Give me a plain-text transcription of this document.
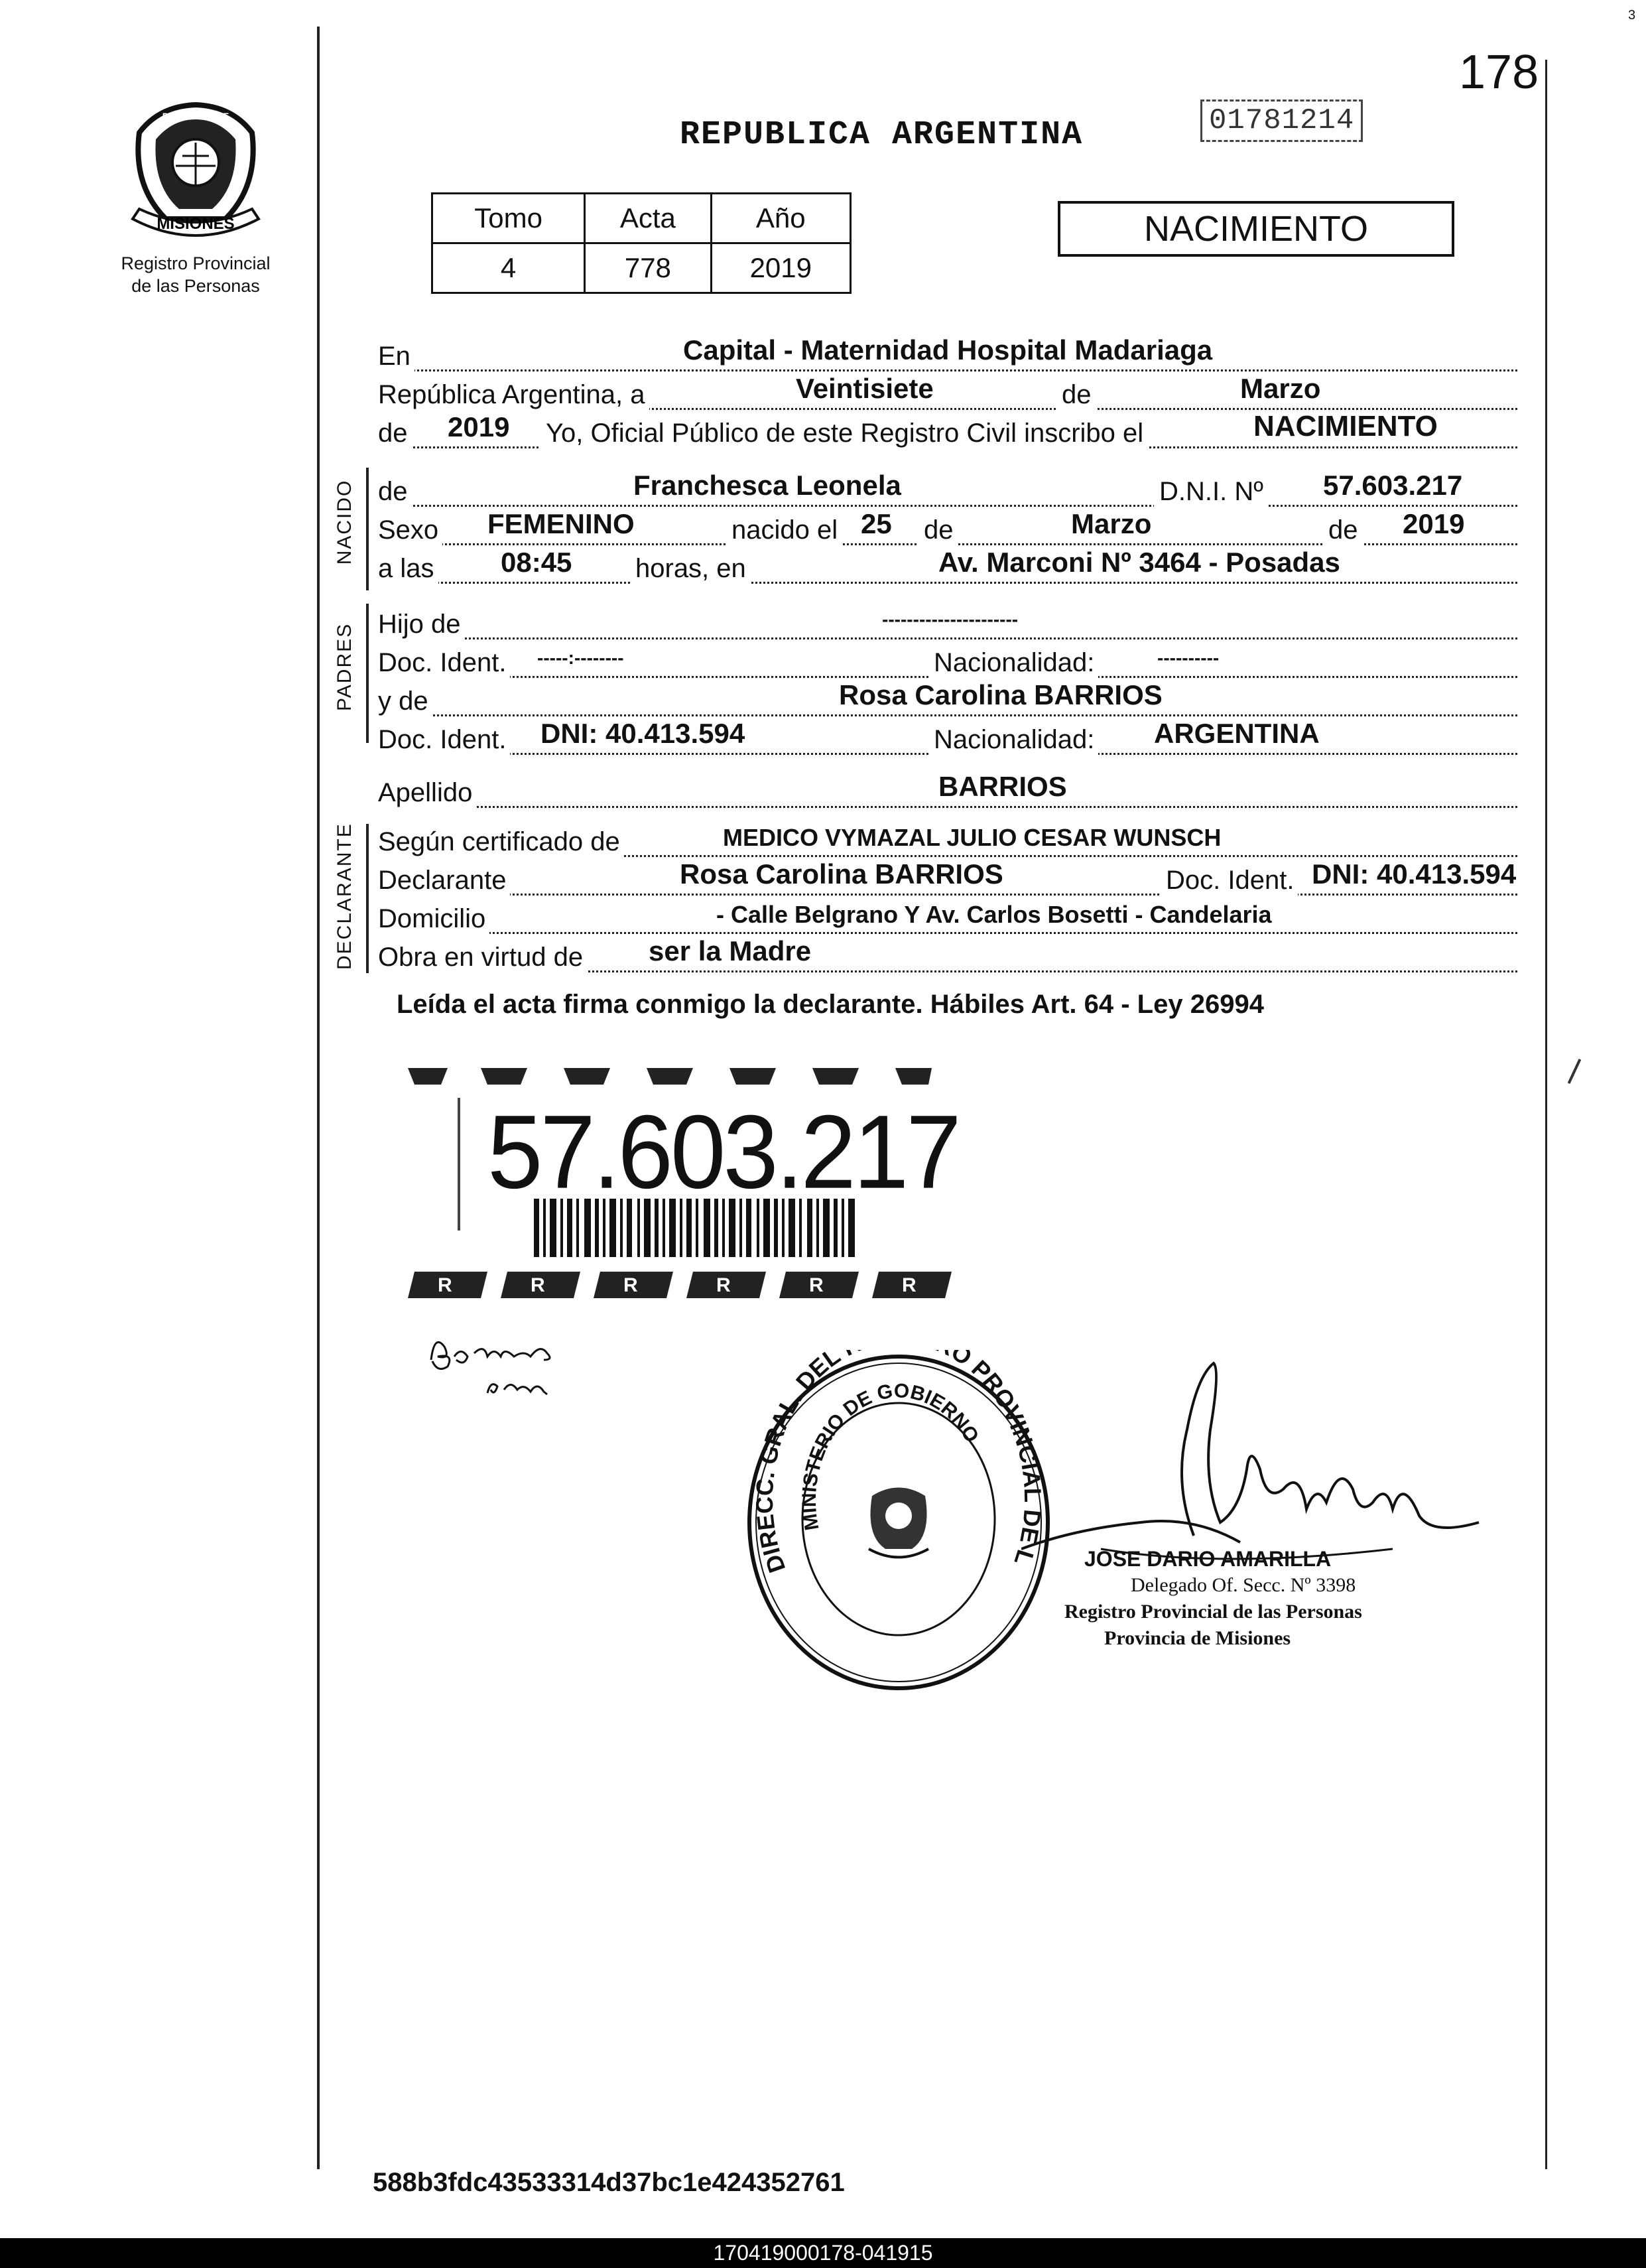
178
3
MISIONES
PROVINCIA DE
Registro Provincial
de las Personas
REPUBLICA ARGENTINA	01781214
Tomo	Acta	Año
4	778	2019
NACIMIENTO
En	Capital - Maternidad Hospital Madariaga
República Argentina, a	Veintisiete	de	Marzo
de 2019 Yo, Oficial Público de este Registro Civil inscribo el	NACIMIENTO
NACIDO de	Franchesca Leonela	D.N.I. Nº 57.603.217
Sexo FEMENINO	nacido el 25 de	Marzo	de 2019
a las 08:45 horas, en	Av. Marconi Nº 3464 - Posadas
PADRES Hijo de	----------------------
Doc. Ident. -----:--------	Nacionalidad:	----------
y de	Rosa Carolina BARRIOS
Doc. Ident. DNI: 40.413.594	Nacionalidad: ARGENTINA
Apellido	BARRIOS
DECLARANTE Según certificado de	MEDICO VYMAZAL JULIO CESAR WUNSCH
Declarante	Rosa Carolina BARRIOS	Doc. Ident. DNI: 40.413.594
Domicilio	- Calle Belgrano Y Av. Carlos Bosetti - Candelaria
Obra en virtud de ser la Madre
Leída el acta firma conmigo la declarante. Hábiles Art. 64 - Ley 26994
R	R	R	R	R	R
57.603.217
DIRECC. GRAL. DEL O PROVINCIAL DE L
MINISTERIO DE GOBIERNO
JOSE DARIO AMARILLA
Delegado Of. Secc. Nº 3398
Registro Provincial de las Personas
Provincia de Misiones
588b3fdc43533314d37bc1e424352761
170419000178-041915
